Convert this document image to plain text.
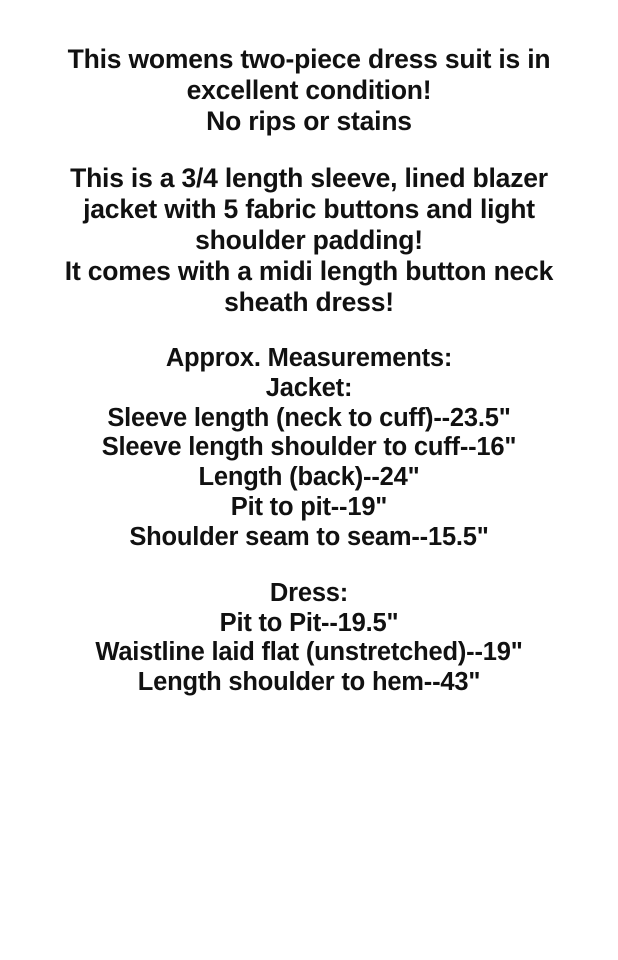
This womens two-piece dress suit is in
excellent condition!
No rips or stains
This is a 3/4 length sleeve, lined blazer
jacket with 5 fabric buttons and light
shoulder padding!
It comes with a midi length button neck
sheath dress!
Approx. Measurements:
Jacket:
Sleeve length (neck to cuff)--23.5"
Sleeve length shoulder to cuff--16"
Length (back)--24"
Pit to pit--19"
Shoulder seam to seam--15.5"
Dress:
Pit to Pit--19.5"
Waistline laid flat (unstretched)--19"
Length shoulder to hem--43"
